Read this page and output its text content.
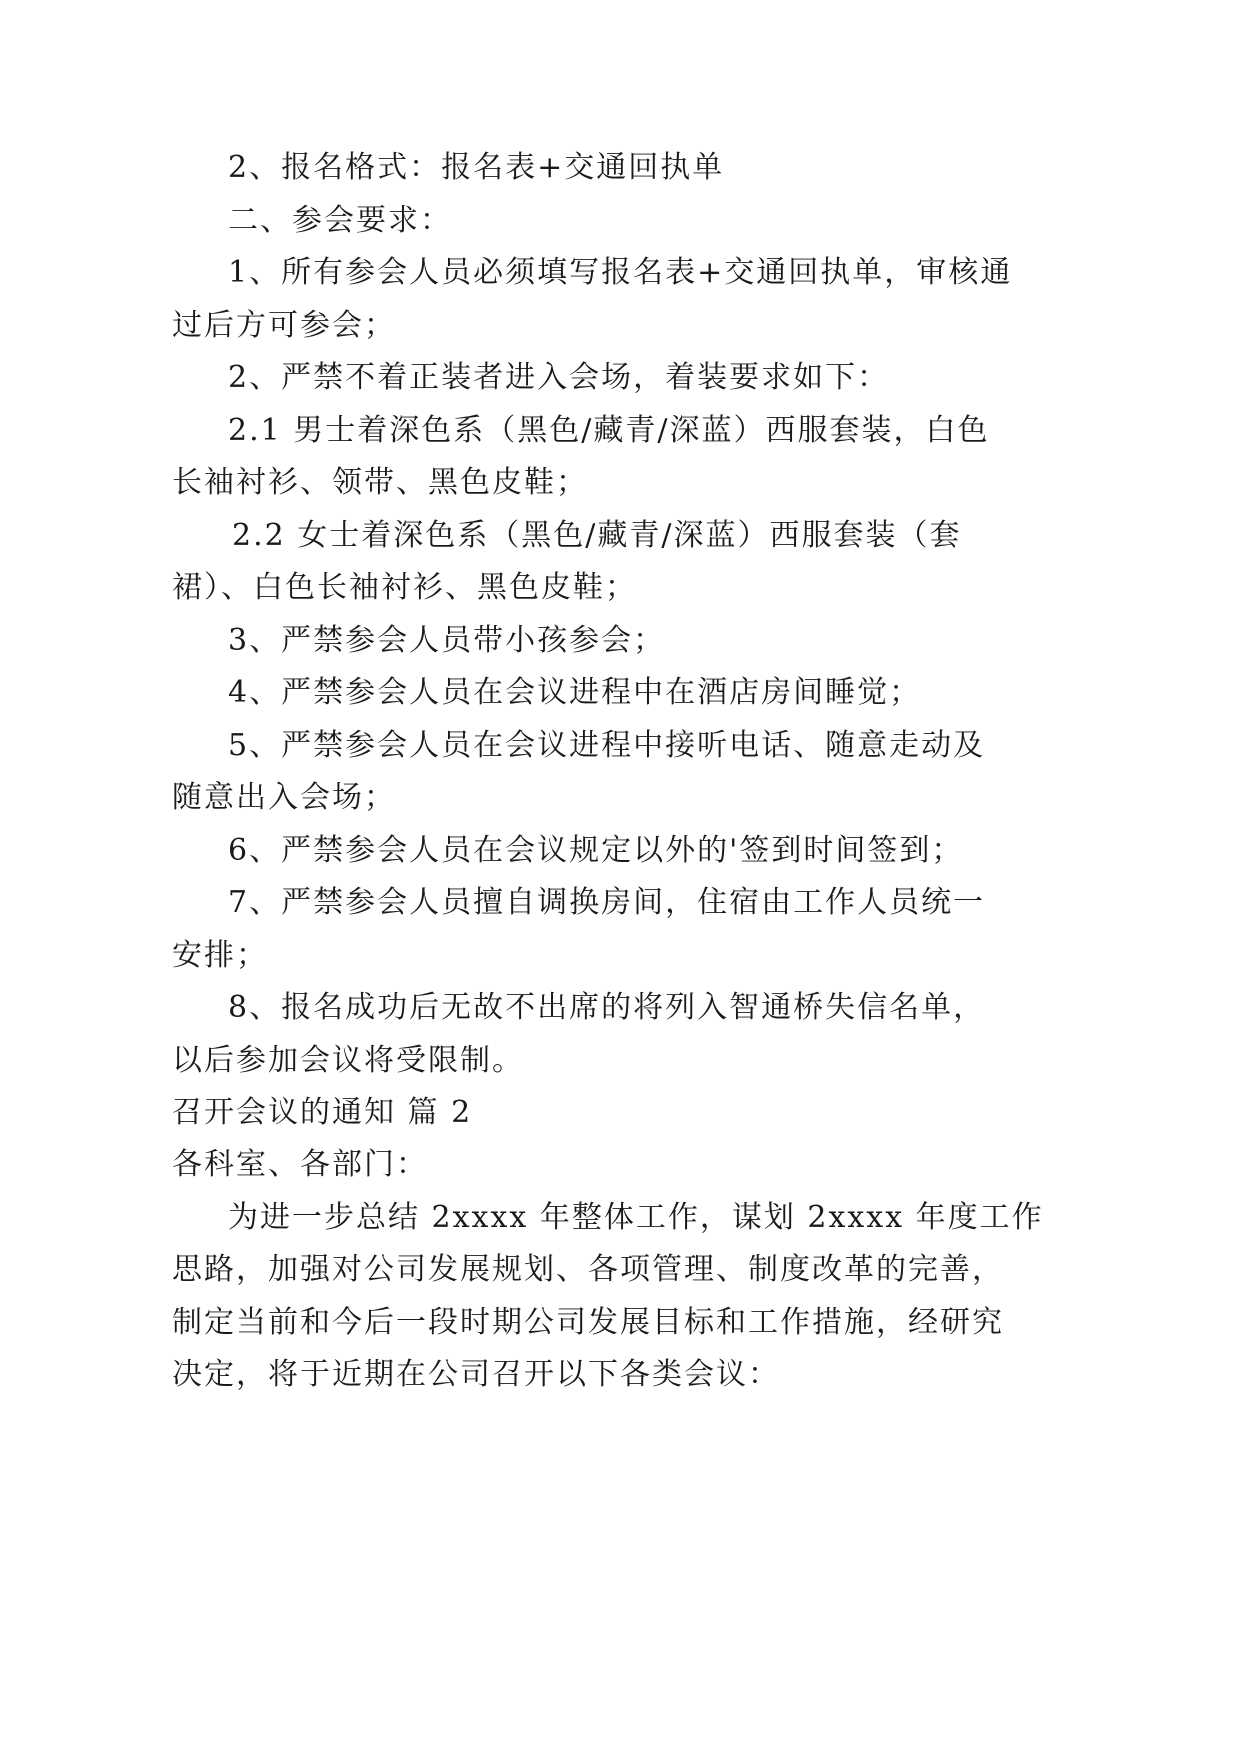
2、报名格式：报名表+交通回执单
二、参会要求：
1、所有参会人员必须填写报名表+交通回执单，审核通
过后方可参会；
2、严禁不着正装者进入会场，着装要求如下：
2.1 男士着深色系（黑色/藏青/深蓝）西服套装，白色
长袖衬衫、领带、黑色皮鞋；
2.2 女士着深色系（黑色/藏青/深蓝）西服套装（套
裙）、白色长袖衬衫、黑色皮鞋；
3、严禁参会人员带小孩参会；
4、严禁参会人员在会议进程中在酒店房间睡觉；
5、严禁参会人员在会议进程中接听电话、随意走动及
随意出入会场；
6、严禁参会人员在会议规定以外的'签到时间签到；
7、严禁参会人员擅自调换房间，住宿由工作人员统一
安排；
8、报名成功后无故不出席的将列入智通桥失信名单，
以后参加会议将受限制。
召开会议的通知 篇 2
各科室、各部门：
为进一步总结 2xxxx 年整体工作，谋划 2xxxx 年度工作
思路，加强对公司发展规划、各项管理、制度改革的完善，
制定当前和今后一段时期公司发展目标和工作措施，经研究
决定，将于近期在公司召开以下各类会议：
